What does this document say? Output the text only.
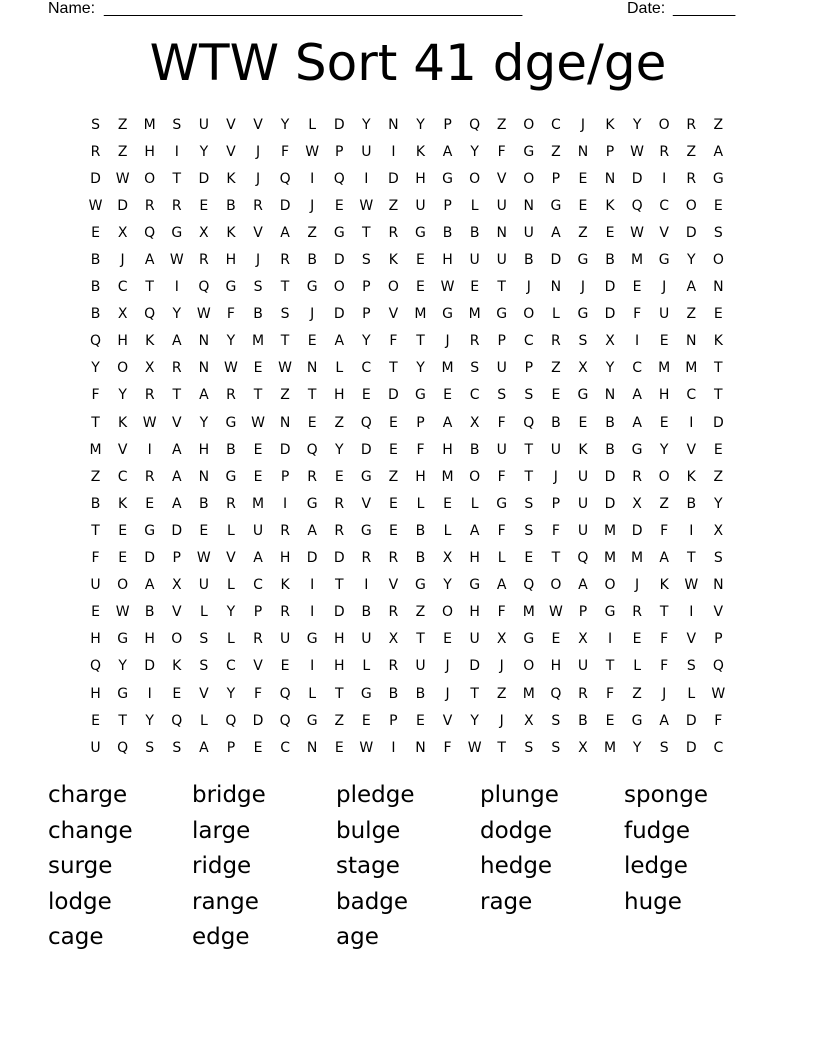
Name: _______________________________________________	Date: _______
WTW Sort 41 dge/ge
S	Z	M	S	U	V	V	Y	L	D	Y	N	Y	P	Q	Z	O	C	J	K	Y	O	R	Z
R	Z	H	I	Y	V	J	F	W	P	U	I	K	A	Y	F	G	Z	N	P	W	R	Z	A
D	W	O	T	D	K	J	Q	I	Q	I	D	H	G	O	V	O	P	E	N	D	I	R	G
W	D	R	R	E	B	R	D	J	E	W	Z	U	P	L	U	N	G	E	K	Q	C	O	E
E	X	Q	G	X	K	V	A	Z	G	T	R	G	B	B	N	U	A	Z	E	W	V	D	S
B	J	A	W	R	H	J	R	B	D	S	K	E	H	U	U	B	D	G	B	M	G	Y	O
B	C	T	I	Q	G	S	T	G	O	P	O	E	W	E	T	J	N	J	D	E	J	A	N
B	X	Q	Y	W	F	B	S	J	D	P	V	M	G	M	G	O	L	G	D	F	U	Z	E
Q	H	K	A	N	Y	M	T	E	A	Y	F	T	J	R	P	C	R	S	X	I	E	N	K
Y	O	X	R	N	W	E	W	N	L	C	T	Y	M	S	U	P	Z	X	Y	C	M	M	T
F	Y	R	T	A	R	T	Z	T	H	E	D	G	E	C	S	S	E	G	N	A	H	C	T
T	K	W	V	Y	G	W	N	E	Z	Q	E	P	A	X	F	Q	B	E	B	A	E	I	D
M	V	I	A	H	B	E	D	Q	Y	D	E	F	H	B	U	T	U	K	B	G	Y	V	E
Z	C	R	A	N	G	E	P	R	E	G	Z	H	M	O	F	T	J	U	D	R	O	K	Z
B	K	E	A	B	R	M	I	G	R	V	E	L	E	L	G	S	P	U	D	X	Z	B	Y
T	E	G	D	E	L	U	R	A	R	G	E	B	L	A	F	S	F	U	M	D	F	I	X
F	E	D	P	W	V	A	H	D	D	R	R	B	X	H	L	E	T	Q	M	M	A	T	S
U	O	A	X	U	L	C	K	I	T	I	V	G	Y	G	A	Q	O	A	O	J	K	W	N
E	W	B	V	L	Y	P	R	I	D	B	R	Z	O	H	F	M	W	P	G	R	T	I	V
H	G	H	O	S	L	R	U	G	H	U	X	T	E	U	X	G	E	X	I	E	F	V	P
Q	Y	D	K	S	C	V	E	I	H	L	R	U	J	D	J	O	H	U	T	L	F	S	Q
H	G	I	E	V	Y	F	Q	L	T	G	B	B	J	T	Z	M	Q	R	F	Z	J	L	W
E	T	Y	Q	L	Q	D	Q	G	Z	E	P	E	V	Y	J	X	S	B	E	G	A	D	F
U	Q	S	S	A	P	E	C	N	E	W	I	N	F	W	T	S	S	X	M	Y	S	D	C
charge	bridge	pledge	plunge	sponge
change	large	bulge	dodge	fudge
surge	ridge	stage	hedge	ledge
lodge	range	badge	rage	huge
cage	edge	age
